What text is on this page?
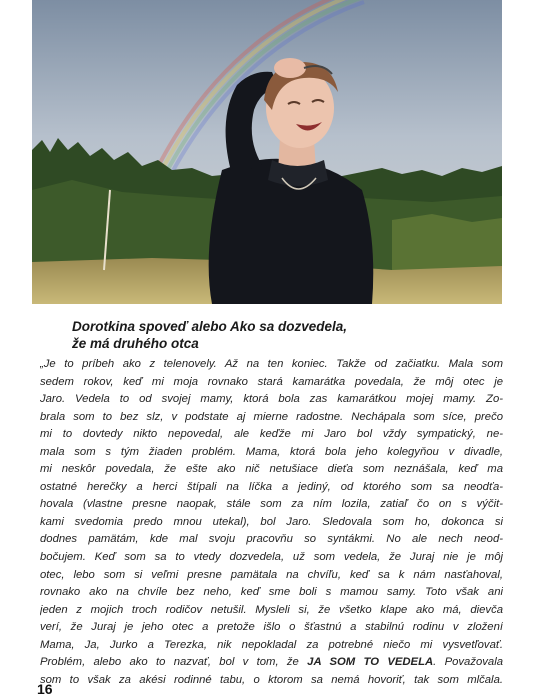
Dorotkina spoveď alebo Ako sa dozvedela,
že má druhého otca
„Je to príbeh ako z telenovely. Až na ten koniec. Takže od začiatku. Mala som
sedem rokov, keď mi moja rovnako stará kamarátka povedala, že môj otec je
Jaro. Vedela to od svojej mamy, ktorá bola zas kamarátkou mojej mamy. Zo-
brala som to bez slz, v podstate aj mierne radostne. Nechápala som síce, prečo
mi to dovtedy nikto nepovedal, ale keďže mi Jaro bol vždy sympatický, ne-
mala som s tým žiaden problém. Mama, ktorá bola jeho kolegyňou v divadle,
mi neskôr povedala, že ešte ako nič netušiace dieťa som neznášala, keď ma
ostatné herečky a herci štípali na líčka a jediný, od ktorého som sa neodťa-
hovala (vlastne presne naopak, stále som za ním lozila, zatiaľ čo on s výčit-
kami svedomia predo mnou utekal), bol Jaro. Sledovala som ho, dokonca si
dodnes pamätám, kde mal svoju pracovňu so syntákmi. No ale nech neod-
bočujem. Keď som sa to vtedy dozvedela, už som vedela, že Juraj nie je môj
otec, lebo som si veľmi presne pamätala na chvíľu, keď sa k nám nasťahoval,
rovnako ako na chvíle bez neho, keď sme boli s mamou samy. Toto však ani
jeden z mojich troch rodičov netušil. Mysleli si, že všetko klape ako má, dievča
verí, že Juraj je jeho otec a pretože išlo o šťastnú a stabilnú rodinu v zložení
Mama, Ja, Jurko a Terezka, nik nepokladal za potrebné niečo mi vysvetľovať.
Problém, alebo ako to nazvať, bol v tom, že JA SOM TO VEDELA. Považovala
som to však za akési rodinné tabu, o ktorom sa nemá hovoriť, tak som mlčala.
16
